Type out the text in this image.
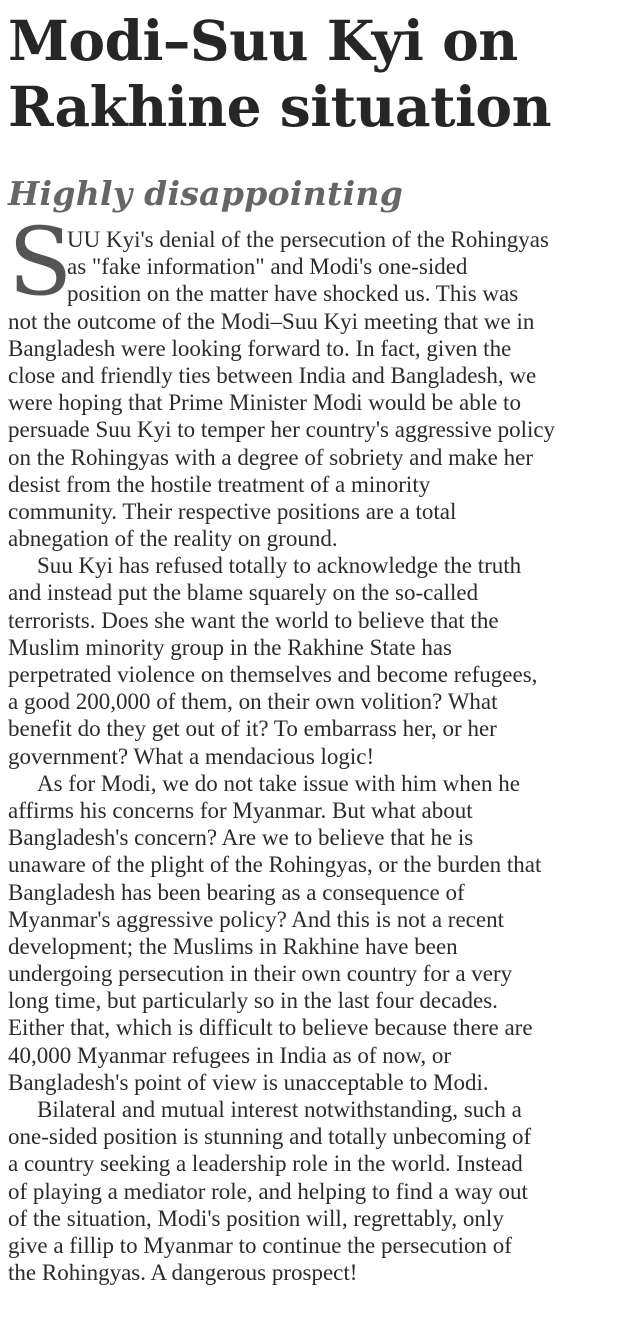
Modi–Suu Kyi on
Rakhine situation
Highly disappointing
S
UU Kyi's denial of the persecution of the Rohingyas
as "fake information" and Modi's one-sided
position on the matter have shocked us. This was
not the outcome of the Modi–Suu Kyi meeting that we in
Bangladesh were looking forward to. In fact, given the
close and friendly ties between India and Bangladesh, we
were hoping that Prime Minister Modi would be able to
persuade Suu Kyi to temper her country's aggressive policy
on the Rohingyas with a degree of sobriety and make her
desist from the hostile treatment of a minority
community. Their respective positions are a total
abnegation of the reality on ground.
Suu Kyi has refused totally to acknowledge the truth
and instead put the blame squarely on the so-called
terrorists. Does she want the world to believe that the
Muslim minority group in the Rakhine State has
perpetrated violence on themselves and become refugees,
a good 200,000 of them, on their own volition? What
benefit do they get out of it? To embarrass her, or her
government? What a mendacious logic!
As for Modi, we do not take issue with him when he
affirms his concerns for Myanmar. But what about
Bangladesh's concern? Are we to believe that he is
unaware of the plight of the Rohingyas, or the burden that
Bangladesh has been bearing as a consequence of
Myanmar's aggressive policy? And this is not a recent
development; the Muslims in Rakhine have been
undergoing persecution in their own country for a very
long time, but particularly so in the last four decades.
Either that, which is difficult to believe because there are
40,000 Myanmar refugees in India as of now, or
Bangladesh's point of view is unacceptable to Modi.
Bilateral and mutual interest notwithstanding, such a
one-sided position is stunning and totally unbecoming of
a country seeking a leadership role in the world. Instead
of playing a mediator role, and helping to find a way out
of the situation, Modi's position will, regrettably, only
give a fillip to Myanmar to continue the persecution of
the Rohingyas. A dangerous prospect!
